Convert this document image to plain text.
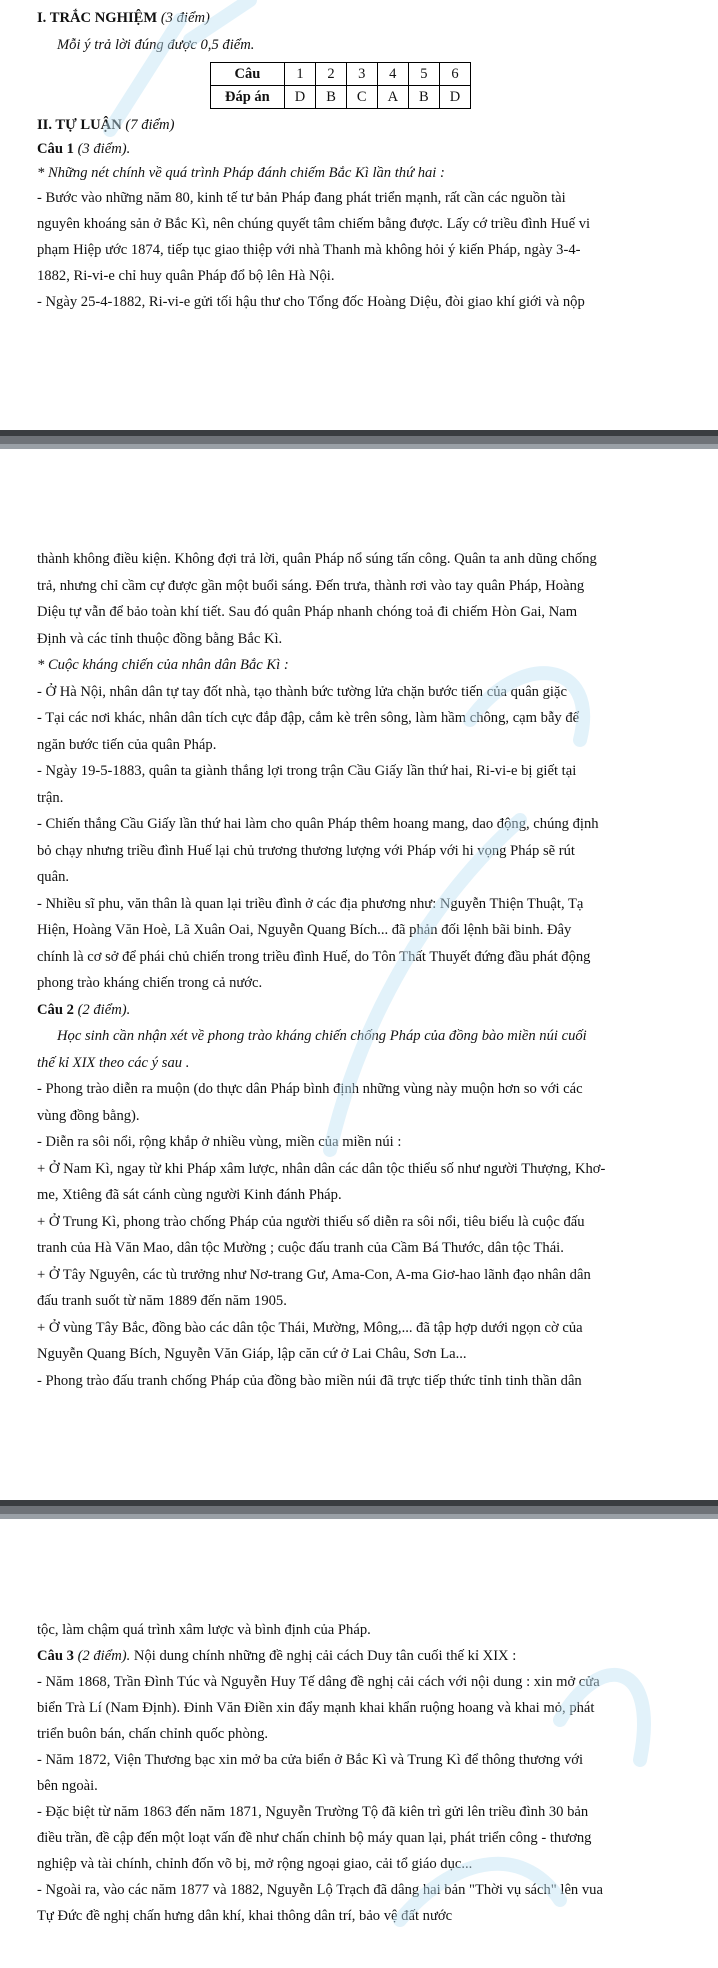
I. TRẮC NGHIỆM (3 điểm)

Mỗi ý trả lời đúng được 0,5 điểm.

Câu	1	2	3	4	5	6
Đáp án	D	B	C	A	B	D

II. TỰ LUẬN (7 điểm)

Câu 1 (3 điểm).

* Những nét chính về quá trình Pháp đánh chiếm Bắc Kì lần thứ hai :

- Bước vào những năm 80, kinh tế tư bản Pháp đang phát triển mạnh, rất cần các nguồn tài

nguyên khoáng sản ở Bắc Kì, nên chúng quyết tâm chiếm bằng được. Lấy cớ triều đình Huế vi

phạm Hiệp ước 1874, tiếp tục giao thiệp với nhà Thanh mà không hỏi ý kiến Pháp, ngày 3-4-

1882, Ri-vi-e chỉ huy quân Pháp đổ bộ lên Hà Nội.

- Ngày 25-4-1882, Ri-vi-e gửi tối hậu thư cho Tổng đốc Hoàng Diệu, đòi giao khí giới và nộp

thành không điều kiện. Không đợi trả lời, quân Pháp nổ súng tấn công. Quân ta anh dũng chống

trả, nhưng chỉ cầm cự được gần một buổi sáng. Đến trưa, thành rơi vào tay quân Pháp, Hoàng

Diệu tự vẫn để bảo toàn khí tiết. Sau đó quân Pháp nhanh chóng toả đi chiếm Hòn Gai, Nam

Định và các tỉnh thuộc đồng bằng Bắc Kì.

* Cuộc kháng chiến của nhân dân Bắc Kì :

- Ở Hà Nội, nhân dân tự tay đốt nhà, tạo thành bức tường lửa chặn bước tiến của quân giặc

- Tại các nơi khác, nhân dân tích cực đắp đập, cắm kè trên sông, làm hầm chông, cạm bẫy để

ngăn bước tiến của quân Pháp.

- Ngày 19-5-1883, quân ta giành thắng lợi trong trận Cầu Giấy lần thứ hai, Ri-vi-e bị giết tại

trận.

- Chiến thắng Cầu Giấy lần thứ hai làm cho quân Pháp thêm hoang mang, dao động, chúng định

bỏ chạy nhưng triều đình Huế lại chủ trương thương lượng với Pháp với hi vọng Pháp sẽ rút

quân.

- Nhiều sĩ phu, văn thân là quan lại triều đình ở các địa phương như: Nguyễn Thiện Thuật, Tạ

Hiện, Hoàng Văn Hoè, Lã Xuân Oai, Nguyễn Quang Bích... đã phản đối lệnh bãi binh. Đây

chính là cơ sở để phái chủ chiến trong triều đình Huế, do Tôn Thất Thuyết đứng đầu phát động

phong trào kháng chiến trong cả nước.

Câu 2 (2 điểm).

Học sinh cần nhận xét về phong trào kháng chiến chống Pháp của đồng bào miền núi cuối

thế kỉ XIX theo các ý sau .

- Phong trào diễn ra muộn (do thực dân Pháp bình định những vùng này muộn hơn so với các

vùng đồng bằng).

- Diễn ra sôi nổi, rộng khắp ở nhiều vùng, miền của miền núi :

+ Ở Nam Kì, ngay từ khi Pháp xâm lược, nhân dân các dân tộc thiểu số như người Thượng, Khơ-

me, Xtiêng đã sát cánh cùng người Kinh đánh Pháp.

+ Ở Trung Kì, phong trào chống Pháp của người thiểu số diễn ra sôi nổi, tiêu biểu là cuộc đấu

tranh của Hà Văn Mao, dân tộc Mường ; cuộc đấu tranh của Cầm Bá Thước, dân tộc Thái.

+ Ở Tây Nguyên, các tù trưởng như Nơ-trang Gư, Ama-Con, A-ma Giơ-hao lãnh đạo nhân dân

đấu tranh suốt từ năm 1889 đến năm 1905.

+ Ở vùng Tây Bắc, đồng bào các dân tộc Thái, Mường, Mông,... đã tập hợp dưới ngọn cờ của

Nguyễn Quang Bích, Nguyễn Văn Giáp, lập căn cứ ở Lai Châu, Sơn La...

- Phong trào đấu tranh chống Pháp của đồng bào miền núi đã trực tiếp thức tỉnh tinh thần dân

tộc, làm chậm quá trình xâm lược và bình định của Pháp.

Câu 3 (2 điểm). Nội dung chính những đề nghị cải cách Duy tân cuối thế kỉ XIX :

- Năm 1868, Trần Đình Túc và Nguyễn Huy Tế dâng đề nghị cải cách với nội dung : xin mở cửa

biển Trà Lí (Nam Định). Đinh Văn Điền xin đẩy mạnh khai khẩn ruộng hoang và khai mỏ, phát

triển buôn bán, chấn chỉnh quốc phòng.

- Năm 1872, Viện Thương bạc xin mở ba cửa biển ở Bắc Kì và Trung Kì để thông thương với

bên ngoài.

- Đặc biệt từ năm 1863 đến năm 1871, Nguyễn Trường Tộ đã kiên trì gửi lên triều đình 30 bản

điều trần, đề cập đến một loạt vấn đề như chấn chỉnh bộ máy quan lại, phát triển công - thương

nghiệp và tài chính, chỉnh đốn võ bị, mở rộng ngoại giao, cải tổ giáo dục...

- Ngoài ra, vào các năm 1877 và 1882, Nguyễn Lộ Trạch đã dâng hai bản "Thời vụ sách" lên vua

Tự Đức đề nghị chấn hưng dân khí, khai thông dân trí, bảo vệ đất nước
